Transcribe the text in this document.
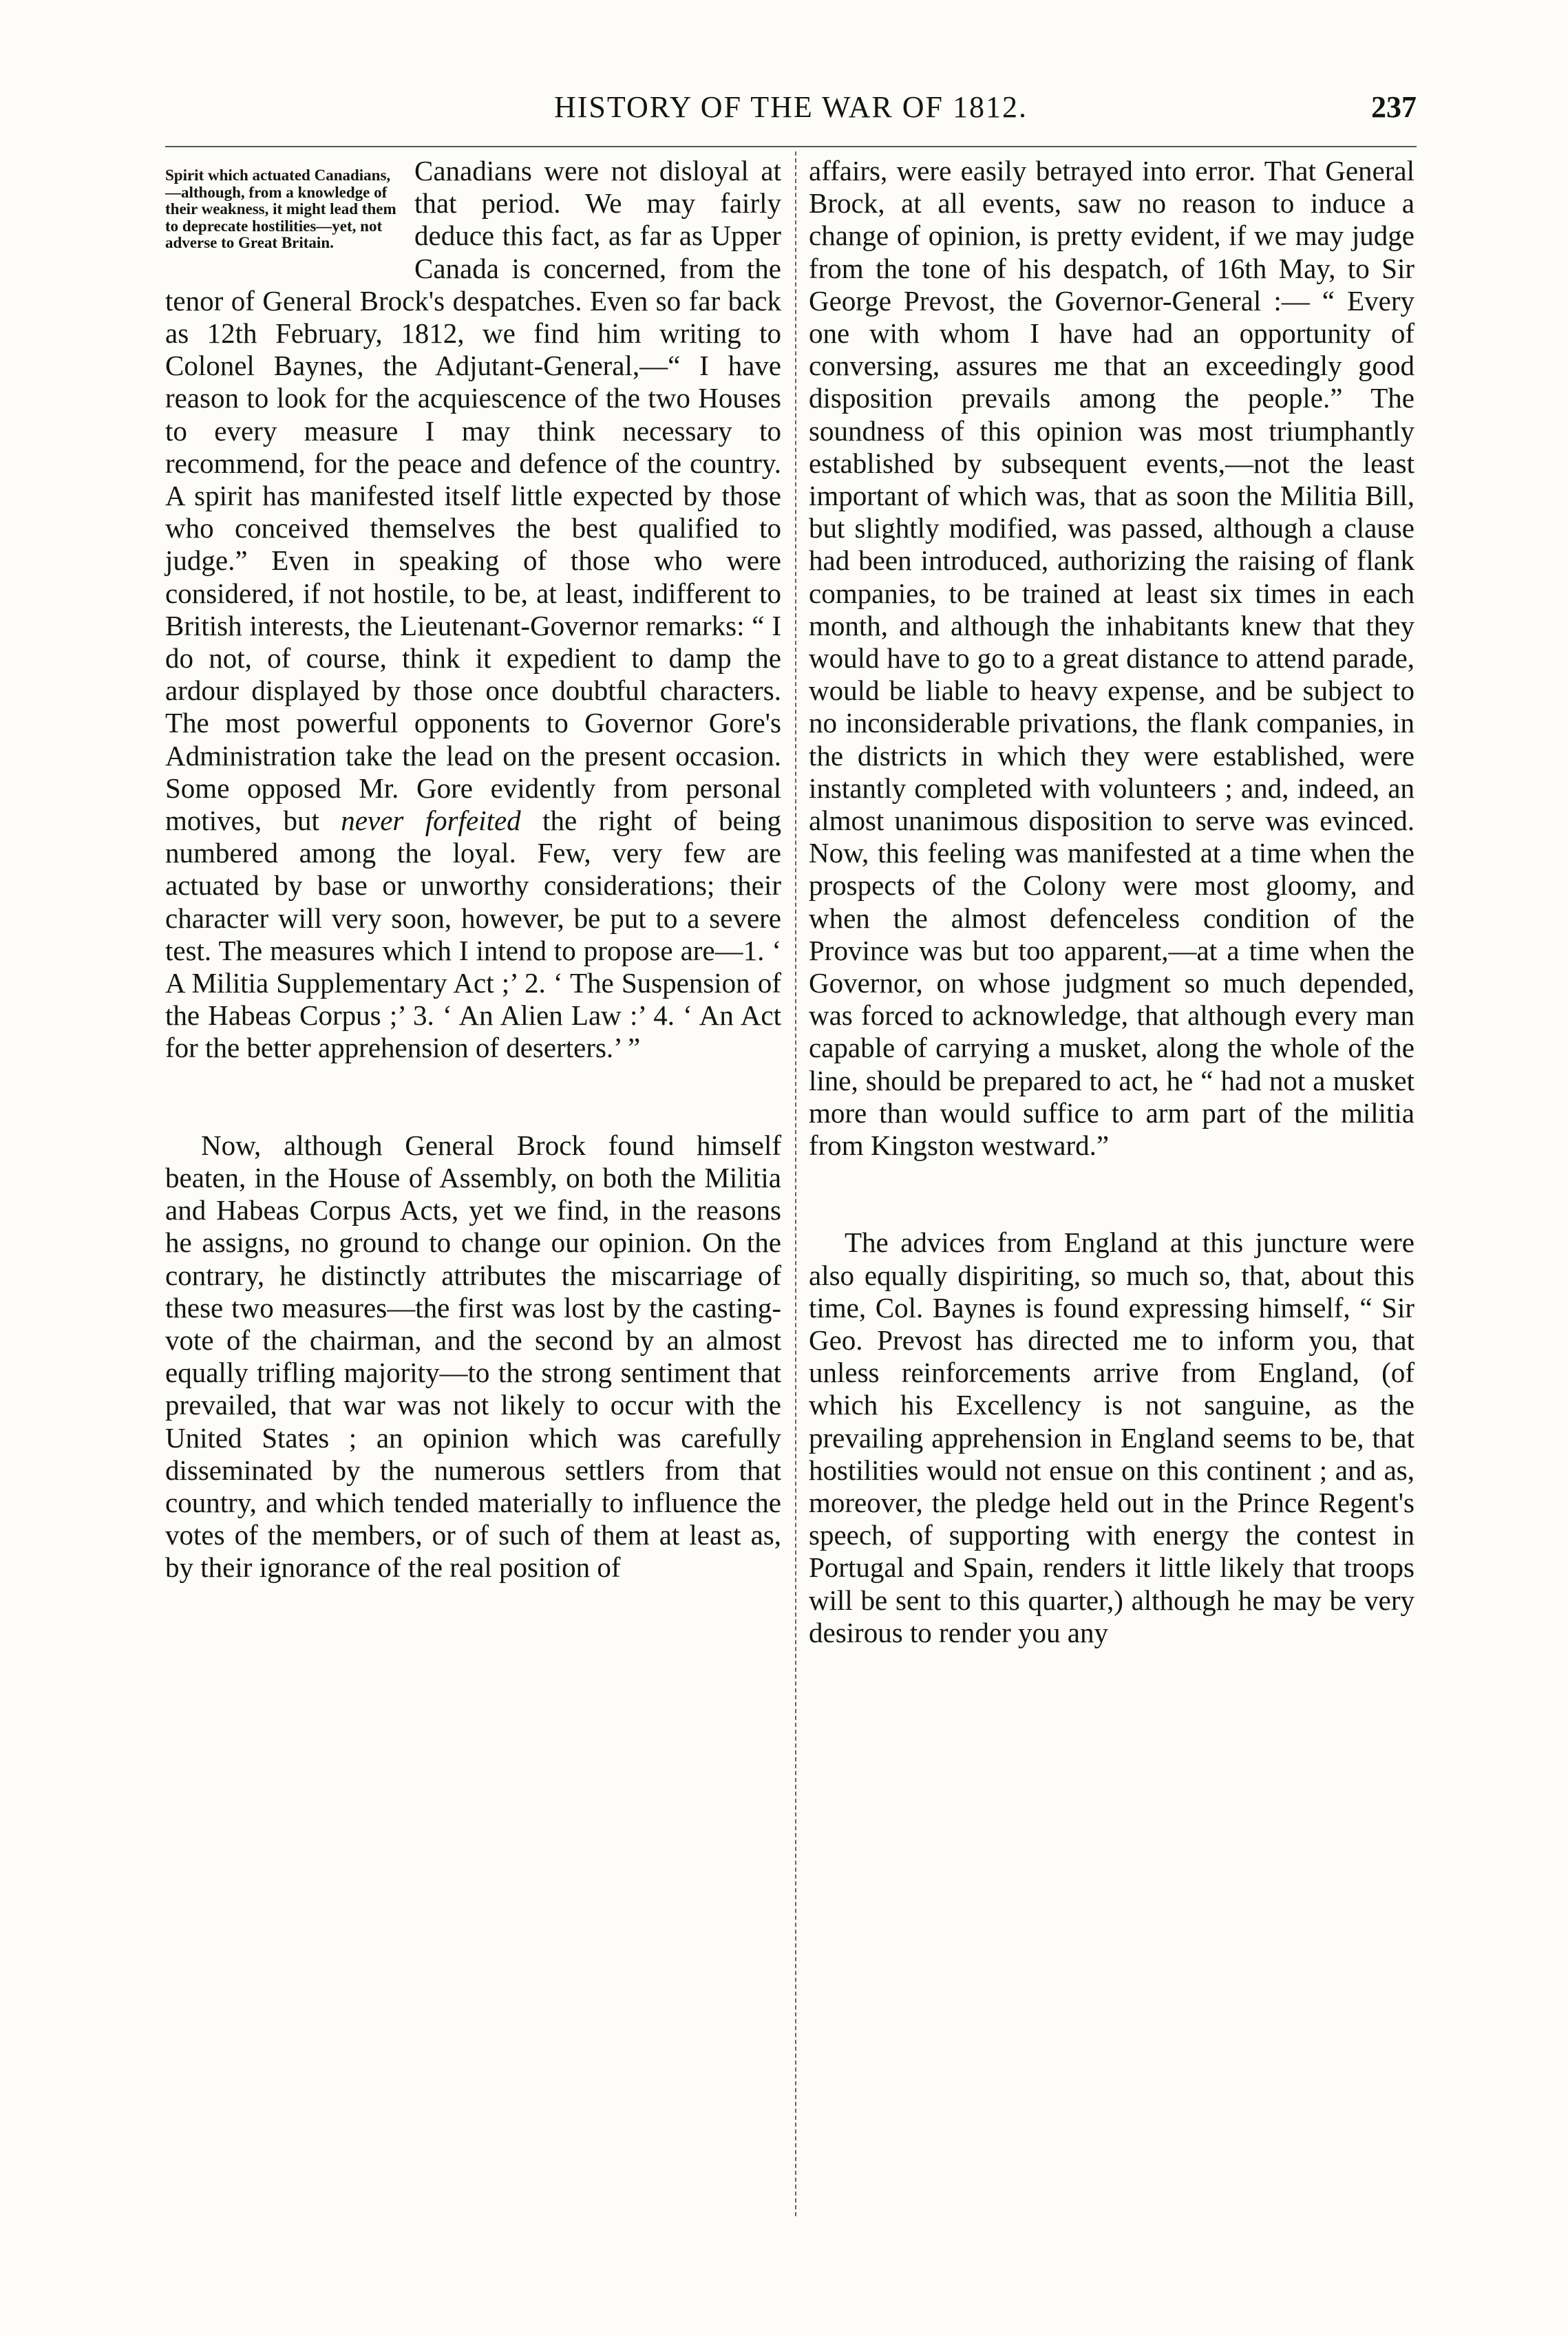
HISTORY OF THE WAR OF 1812.	237
Spirit which actuated Canadians,—although, from a knowledge of their weakness, it might lead them to deprecate hostilities—yet, not adverse to Great Britain.

Canadians were not disloyal at that period. We may fairly deduce this fact, as far as Upper Canada is concerned, from the tenor of General Brock's despatches. Even so far back as 12th February, 1812, we find him writing to Colonel Baynes, the Adjutant-General,—“ I have reason to look for the acquiescence of the two Houses to every measure I may think necessary to recommend, for the peace and defence of the country. A spirit has manifested itself little expected by those who conceived themselves the best qualified to judge.” Even in speaking of those who were considered, if not hostile, to be, at least, indifferent to British interests, the Lieutenant-Governor remarks: “ I do not, of course, think it expedient to damp the ardour displayed by those once doubtful characters. The most powerful opponents to Governor Gore's Administration take the lead on the present occasion. Some opposed Mr. Gore evidently from personal motives, but never forfeited the right of being numbered among the loyal. Few, very few are actuated by base or unworthy considerations; their character will very soon, however, be put to a severe test. The measures which I intend to propose are—1. ‘ A Militia Supplementary Act ;’ 2. ‘ The Suspension of the Habeas Corpus ;’ 3. ‘ An Alien Law :’ 4. ‘ An Act for the better apprehension of deserters.’ ”

Now, although General Brock found himself beaten, in the House of Assembly, on both the Militia and Habeas Corpus Acts, yet we find, in the reasons he assigns, no ground to change our opinion. On the contrary, he distinctly attributes the miscarriage of these two measures—the first was lost by the casting-vote of the chairman, and the second by an almost equally trifling majority—to the strong sentiment that prevailed, that war was not likely to occur with the United States ; an opinion which was carefully disseminated by the numerous settlers from that country, and which tended materially to influence the votes of the members, or of such of them at least as, by their ignorance of the real position of

affairs, were easily betrayed into error. That General Brock, at all events, saw no reason to induce a change of opinion, is pretty evident, if we may judge from the tone of his despatch, of 16th May, to Sir George Prevost, the Governor-General :— “ Every one with whom I have had an opportunity of conversing, assures me that an exceedingly good disposition prevails among the people.” The soundness of this opinion was most triumphantly established by subsequent events,—not the least important of which was, that as soon the Militia Bill, but slightly modified, was passed, although a clause had been introduced, authorizing the raising of flank companies, to be trained at least six times in each month, and although the inhabitants knew that they would have to go to a great distance to attend parade, would be liable to heavy expense, and be subject to no inconsiderable privations, the flank companies, in the districts in which they were established, were instantly completed with volunteers ; and, indeed, an almost unanimous disposition to serve was evinced. Now, this feeling was manifested at a time when the prospects of the Colony were most gloomy, and when the almost defenceless condition of the Province was but too apparent,—at a time when the Governor, on whose judgment so much depended, was forced to acknowledge, that although every man capable of carrying a musket, along the whole of the line, should be prepared to act, he “ had not a musket more than would suffice to arm part of the militia from Kingston westward.”

The advices from England at this juncture were also equally dispiriting, so much so, that, about this time, Col. Baynes is found expressing himself, “ Sir Geo. Prevost has directed me to inform you, that unless reinforcements arrive from England, (of which his Excellency is not sanguine, as the prevailing apprehension in England seems to be, that hostilities would not ensue on this continent ; and as, moreover, the pledge held out in the Prince Regent's speech, of supporting with energy the contest in Portugal and Spain, renders it little likely that troops will be sent to this quarter,) although he may be very desirous to render you any
